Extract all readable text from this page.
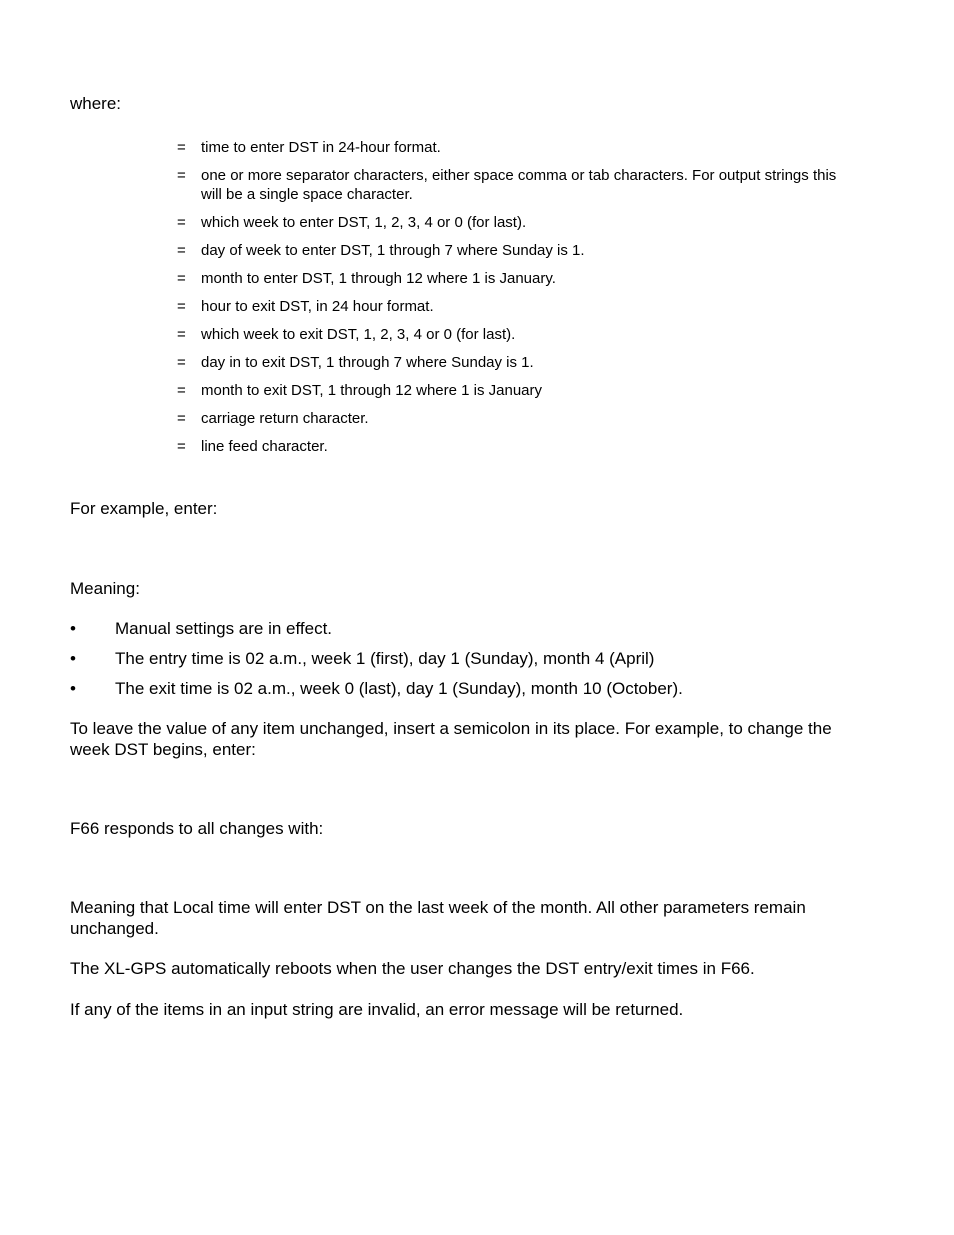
where:

= time to enter DST in 24-hour format.
= one or more separator characters, either space comma or tab characters. For output strings this will be a single space character.
= which week to enter DST, 1, 2, 3, 4 or 0 (for last).
= day of week to enter DST, 1 through 7 where Sunday is 1.
= month to enter DST, 1 through 12 where 1 is January.
= hour to exit DST, in 24 hour format.
= which week to exit DST, 1, 2, 3, 4 or 0 (for last).
= day in to exit DST, 1 through 7 where Sunday is 1.
= month to exit DST, 1 through 12 where 1 is January
= carriage return character.
= line feed character.

For example, enter:

Meaning:

• Manual settings are in effect.
• The entry time is 02 a.m., week 1 (first), day 1 (Sunday), month 4 (April)
• The exit time is 02 a.m., week 0 (last), day 1 (Sunday), month 10 (October).

To leave the value of any item unchanged, insert a semicolon in its place. For example, to change the week DST begins, enter:

F66 responds to all changes with:

Meaning that Local time will enter DST on the last week of the month. All other parameters remain unchanged.

The XL-GPS automatically reboots when the user changes the DST entry/exit times in F66.

If any of the items in an input string are invalid, an error message will be returned.
